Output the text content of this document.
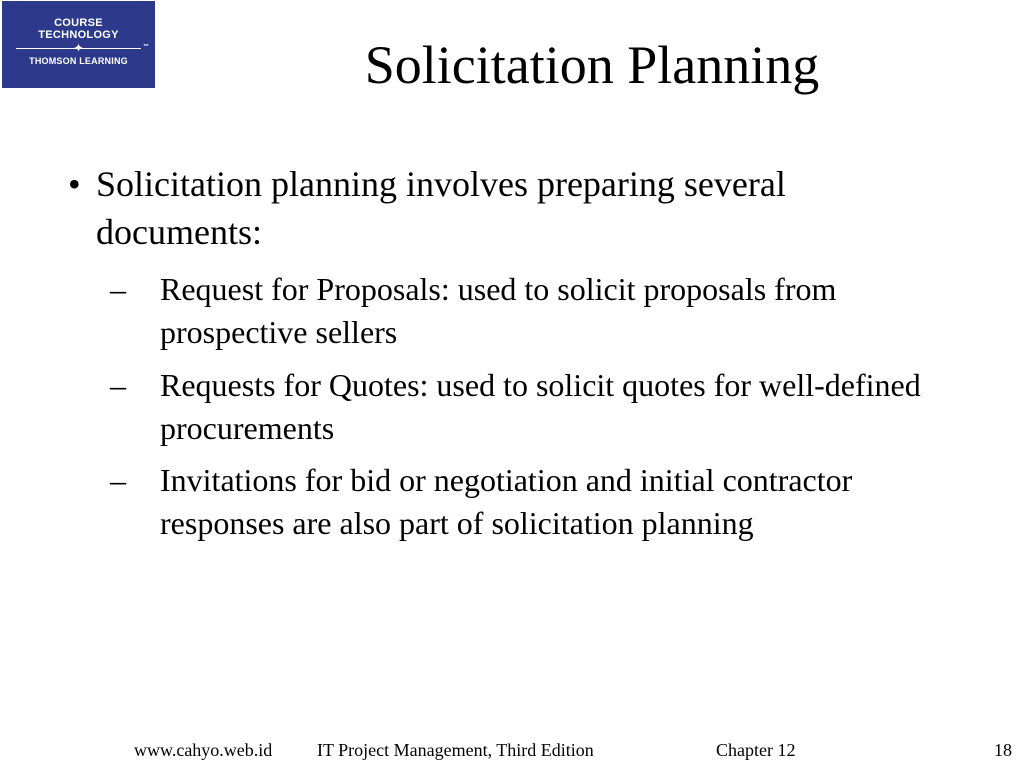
COURSE
TECHNOLOGY
✦	™
THOMSON LEARNING	Solicitation Planning
• Solicitation planning involves preparing several documents:
– Request for Proposals: used to solicit proposals from prospective sellers
– Requests for Quotes: used to solicit quotes for well-defined procurements
– Invitations for bid or negotiation and initial contractor responses are also part of solicitation planning
www.cahyo.web.id IT Project Management, Third Edition	Chapter 12	18
